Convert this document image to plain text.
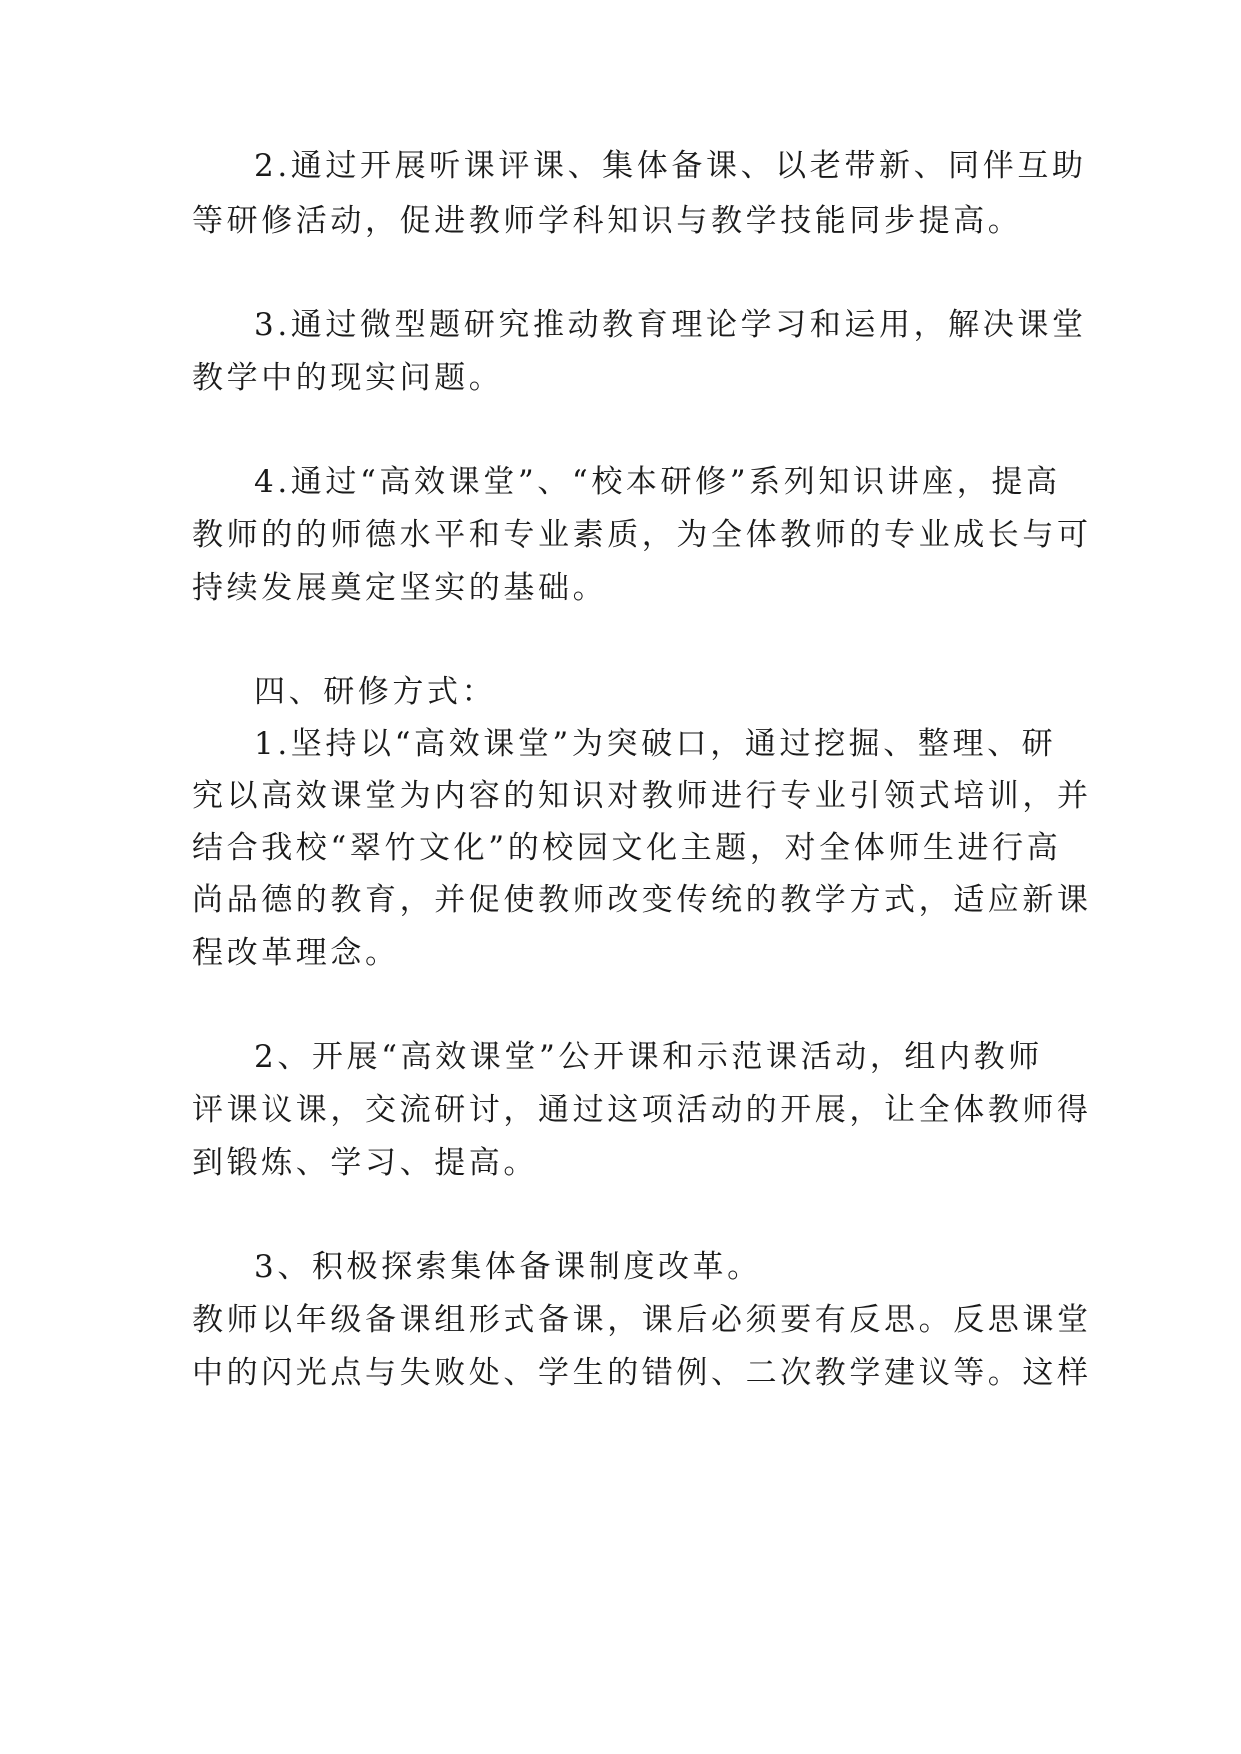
2.通过开展听课评课、集体备课、以老带新、同伴互助

等研修活动，促进教师学科知识与教学技能同步提高。

3.通过微型题研究推动教育理论学习和运用，解决课堂

教学中的现实问题。

4.通过“高效课堂”、“校本研修”系列知识讲座，提高

教师的的师德水平和专业素质，为全体教师的专业成长与可

持续发展奠定坚实的基础。

四、研修方式：

1.坚持以“高效课堂”为突破口，通过挖掘、整理、研

究以高效课堂为内容的知识对教师进行专业引领式培训，并

结合我校“翠竹文化”的校园文化主题，对全体师生进行高

尚品德的教育，并促使教师改变传统的教学方式，适应新课

程改革理念。

2、开展“高效课堂”公开课和示范课活动，组内教师

评课议课，交流研讨，通过这项活动的开展，让全体教师得

到锻炼、学习、提高。

3、积极探索集体备课制度改革。

教师以年级备课组形式备课，课后必须要有反思。反思课堂

中的闪光点与失败处、学生的错例、二次教学建议等。这样
